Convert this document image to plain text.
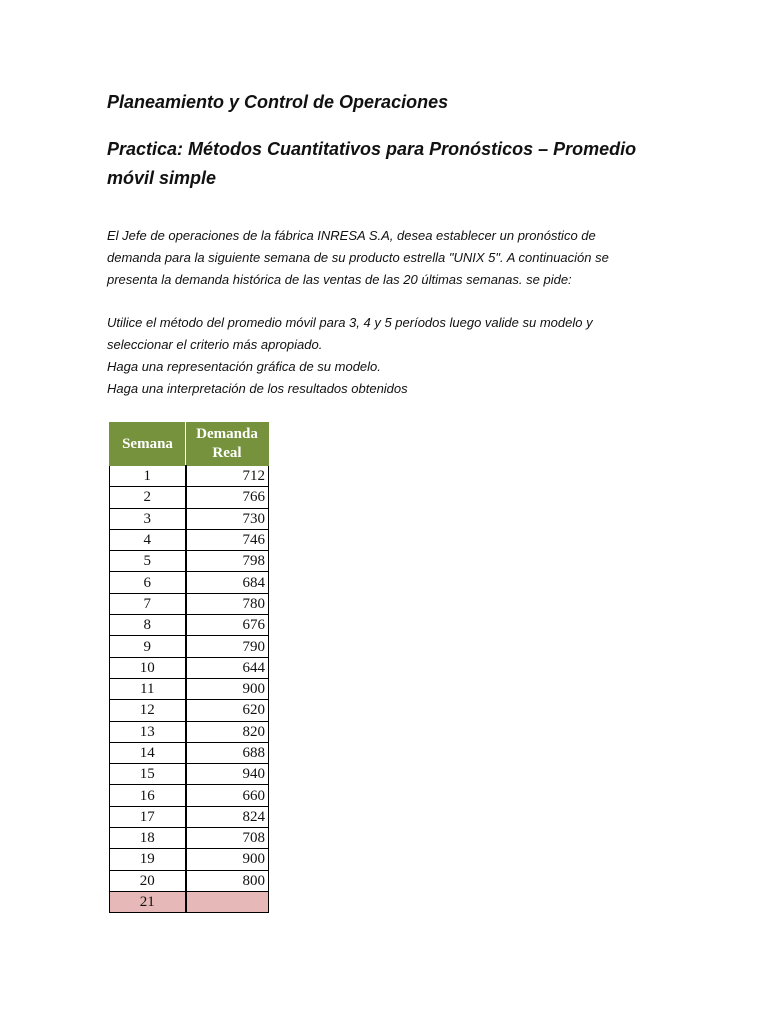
Planeamiento y Control de Operaciones
Practica: Métodos Cuantitativos para Pronósticos – Promedio
móvil simple

El Jefe de operaciones de la fábrica INRESA S.A, desea establecer un pronóstico de
demanda para la siguiente semana de su producto estrella "UNIX 5". A continuación se
presenta la demanda histórica de las ventas de las 20 últimas semanas. se pide:

Utilice el método del promedio móvil para 3, 4 y 5 períodos luego valide su modelo y
seleccionar el criterio más apropiado.
Haga una representación gráfica de su modelo.
Haga una interpretación de los resultados obtenidos

Semana	Demanda
Real

1	712
2	766
3	730
4	746
5	798
6	684
7	780
8	676
9	790
10	644
11	900
12	620
13	820
14	688
15	940
16	660
17	824
18	708
19	900
20	800
21	
